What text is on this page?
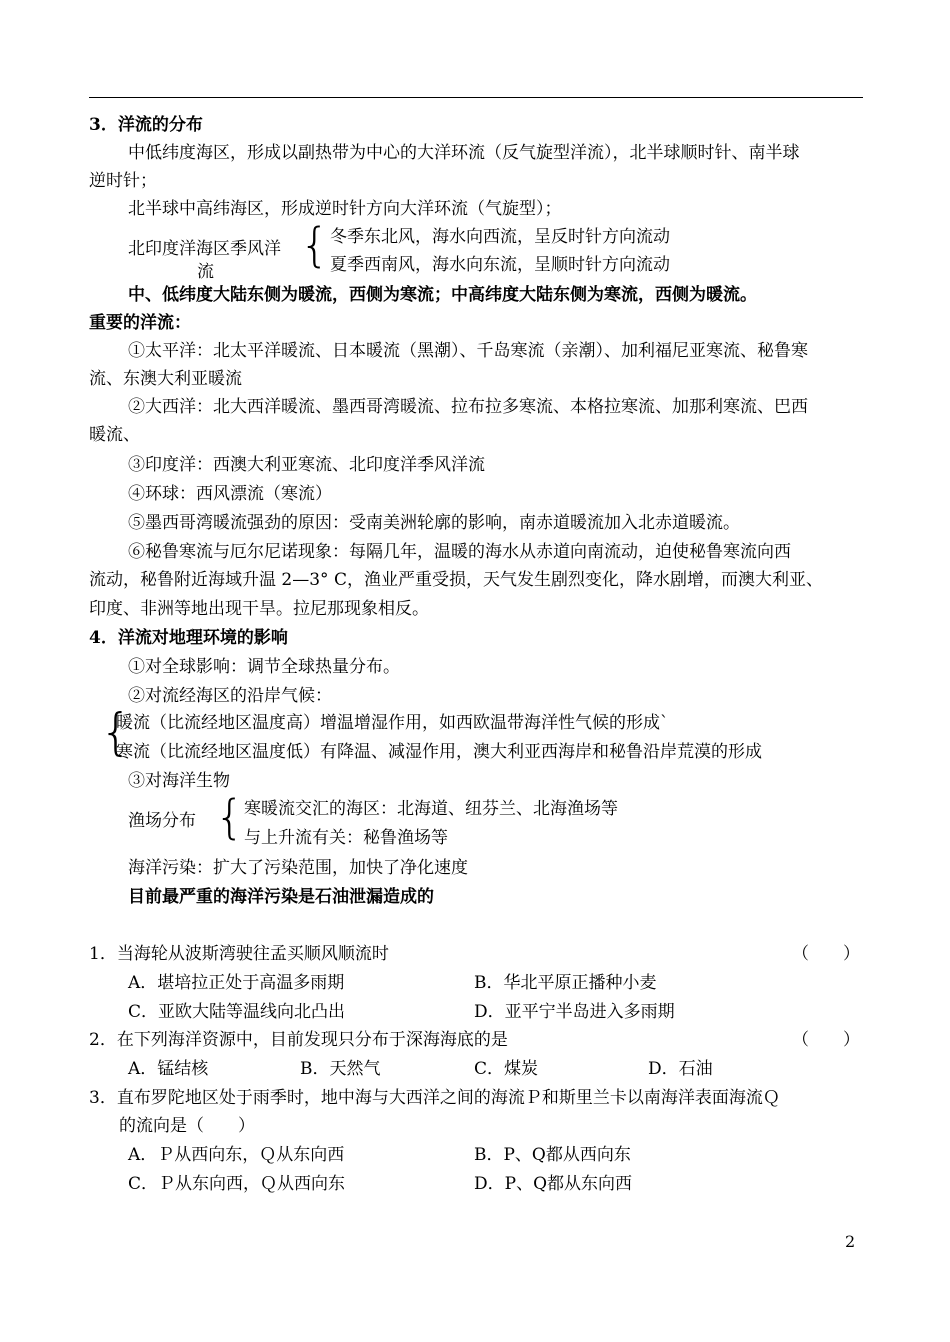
3．洋流的分布
中低纬度海区，形成以副热带为中心的大洋环流（反气旋型洋流），北半球顺时针、南半球
逆时针；
北半球中高纬海区，形成逆时针方向大洋环流（气旋型）；
北印度洋海区季风洋
流 { 冬季东北风，海水向西流，呈反时针方向流动
夏季西南风，海水向东流，呈顺时针方向流动
中、低纬度大陆东侧为暖流，西侧为寒流；中高纬度大陆东侧为寒流，西侧为暖流。
重要的洋流：
①太平洋：北太平洋暖流、日本暖流（黑潮）、千岛寒流（亲潮）、加利福尼亚寒流、秘鲁寒
流、东澳大利亚暖流
②大西洋：北大西洋暖流、墨西哥湾暖流、拉布拉多寒流、本格拉寒流、加那利寒流、巴西
暖流、
③印度洋：西澳大利亚寒流、北印度洋季风洋流
④环球：西风漂流（寒流）
⑤墨西哥湾暖流强劲的原因：受南美洲轮廓的影响，南赤道暖流加入北赤道暖流。
⑥秘鲁寒流与厄尔尼诺现象：每隔几年，温暖的海水从赤道向南流动，迫使秘鲁寒流向西
流动，秘鲁附近海域升温 2—3° C，渔业严重受损，天气发生剧烈变化，降水剧增，而澳大利亚、
印度、非洲等地出现干旱。拉尼那现象相反。
4．洋流对地理环境的影响
①对全球影响：调节全球热量分布。
②对流经海区的沿岸气候：
{
暖流（比流经地区温度高）增温增湿作用，如西欧温带海洋性气候的形成`
寒流（比流经地区温度低）有降温、减湿作用，澳大利亚西海岸和秘鲁沿岸荒漠的形成
③对海洋生物
渔场分布 { 寒暖流交汇的海区：北海道、纽芬兰、北海渔场等
与上升流有关：秘鲁渔场等
海洋污染：扩大了污染范围，加快了净化速度
目前最严重的海洋污染是石油泄漏造成的
1．当海轮从波斯湾驶往孟买顺风顺流时	（　　）
A．堪培拉正处于高温多雨期	B．华北平原正播种小麦
C．亚欧大陆等温线向北凸出	D．亚平宁半岛进入多雨期
2．在下列海洋资源中，目前发现只分布于深海海底的是	（　　）
A．锰结核	B．天然气	C．煤炭	D．石油
3．直布罗陀地区处于雨季时，地中海与大西洋之间的海流Ｐ和斯里兰卡以南海洋表面海流Ｑ
的流向是（　　）
A．Ｐ从西向东，Ｑ从东向西	B．P、Q都从西向东
C．Ｐ从东向西，Ｑ从西向东	D．P、Q都从东向西
2
